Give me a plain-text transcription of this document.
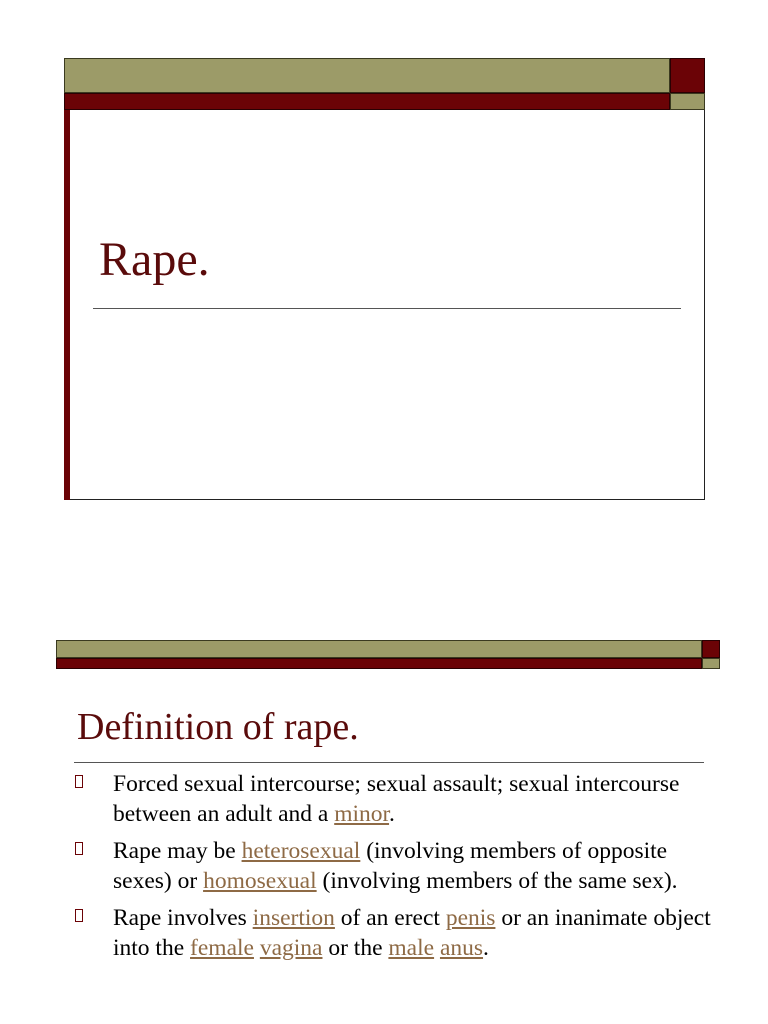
Rape.
Definition of rape.
Forced sexual intercourse; sexual assault; sexual intercourse between an adult and a minor.
Rape may be heterosexual (involving members of opposite sexes) or homosexual (involving members of the same sex).
Rape involves insertion of an erect penis or an inanimate object into the female vagina or the male anus.
